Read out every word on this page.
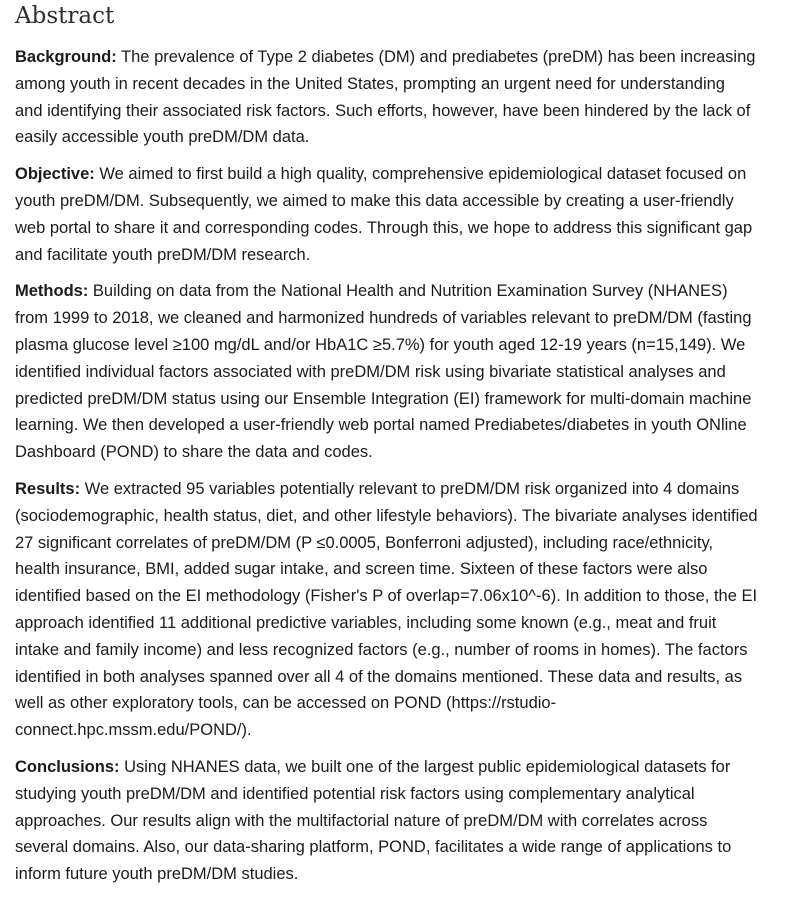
Abstract

Background: The prevalence of Type 2 diabetes (DM) and prediabetes (preDM) has been increasing
among youth in recent decades in the United States, prompting an urgent need for understanding
and identifying their associated risk factors. Such efforts, however, have been hindered by the lack of
easily accessible youth preDM/DM data.

Objective: We aimed to first build a high quality, comprehensive epidemiological dataset focused on
youth preDM/DM. Subsequently, we aimed to make this data accessible by creating a user-friendly
web portal to share it and corresponding codes. Through this, we hope to address this significant gap
and facilitate youth preDM/DM research.

Methods: Building on data from the National Health and Nutrition Examination Survey (NHANES)
from 1999 to 2018, we cleaned and harmonized hundreds of variables relevant to preDM/DM (fasting
plasma glucose level ≥100 mg/dL and/or HbA1C ≥5.7%) for youth aged 12-19 years (n=15,149). We
identified individual factors associated with preDM/DM risk using bivariate statistical analyses and
predicted preDM/DM status using our Ensemble Integration (EI) framework for multi-domain machine
learning. We then developed a user-friendly web portal named Prediabetes/diabetes in youth ONline
Dashboard (POND) to share the data and codes.

Results: We extracted 95 variables potentially relevant to preDM/DM risk organized into 4 domains
(sociodemographic, health status, diet, and other lifestyle behaviors). The bivariate analyses identified
27 significant correlates of preDM/DM (P ≤0.0005, Bonferroni adjusted), including race/ethnicity,
health insurance, BMI, added sugar intake, and screen time. Sixteen of these factors were also
identified based on the EI methodology (Fisher's P of overlap=7.06x10^-6). In addition to those, the EI
approach identified 11 additional predictive variables, including some known (e.g., meat and fruit
intake and family income) and less recognized factors (e.g., number of rooms in homes). The factors
identified in both analyses spanned over all 4 of the domains mentioned. These data and results, as
well as other exploratory tools, can be accessed on POND (https://rstudio-
connect.hpc.mssm.edu/POND/).

Conclusions: Using NHANES data, we built one of the largest public epidemiological datasets for
studying youth preDM/DM and identified potential risk factors using complementary analytical
approaches. Our results align with the multifactorial nature of preDM/DM with correlates across
several domains. Also, our data-sharing platform, POND, facilitates a wide range of applications to
inform future youth preDM/DM studies.
